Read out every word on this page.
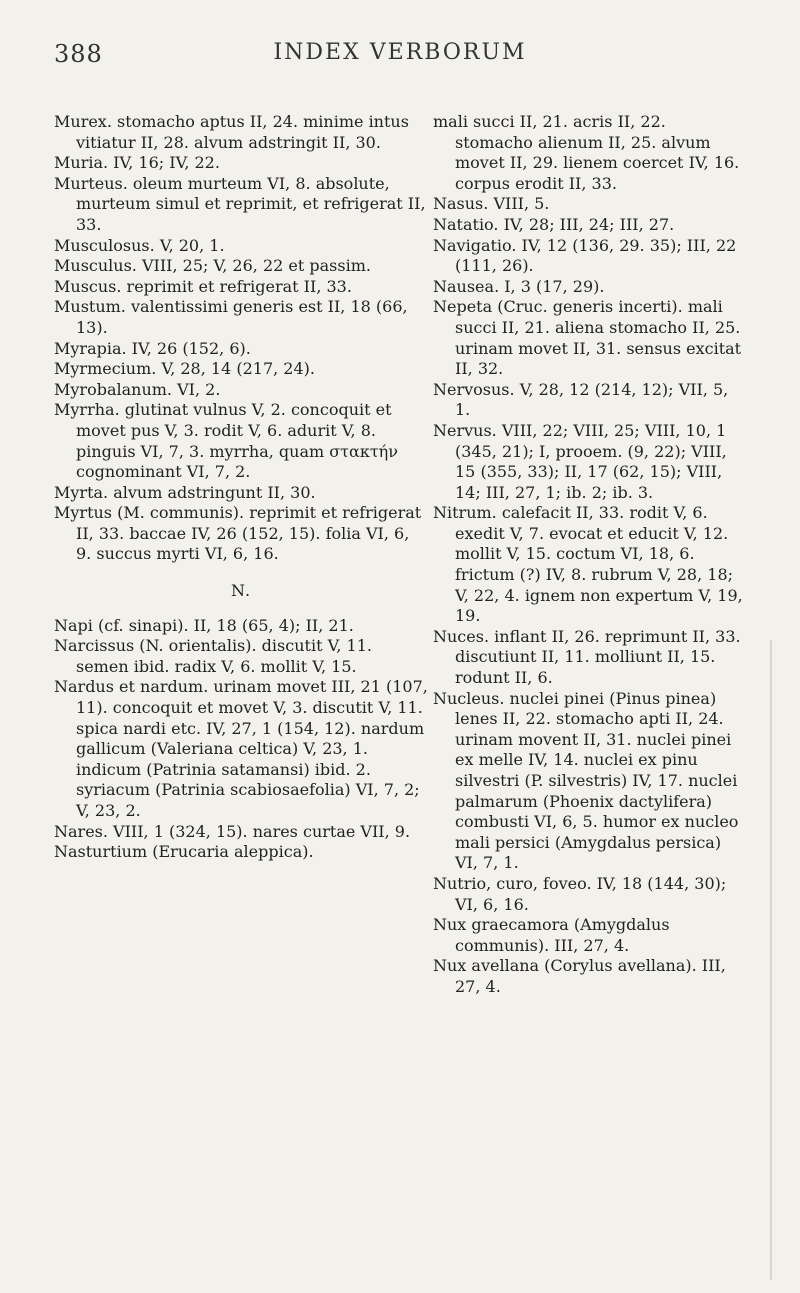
388	INDEX VERBORUM

Murex. stomacho aptus II, 24. minime intus vitiatur II, 28. alvum adstringit II, 30.

Muria. IV, 16; IV, 22.

Murteus. oleum murteum VI, 8. absolute, murteum simul et reprimit, et refrigerat II, 33.

Musculosus. V, 20, 1.

Musculus. VIII, 25; V, 26, 22 et passim.

Muscus. reprimit et refrigerat II, 33.

Mustum. valentissimi generis est II, 18 (66, 13).

Myrapia. IV, 26 (152, 6).

Myrmecium. V, 28, 14 (217, 24).

Myrobalanum. VI, 2.

Myrrha. glutinat vulnus V, 2. concoquit et movet pus V, 3. rodit V, 6. adurit V, 8. pinguis VI, 7, 3. myrrha, quam στακτήν cognominant VI, 7, 2.

Myrta. alvum adstringunt II, 30.

Myrtus (M. communis). reprimit et refrigerat II, 33. baccae IV, 26 (152, 15). folia VI, 6, 9. succus myrti VI, 6, 16.

N.

Napi (cf. sinapi). II, 18 (65, 4); II, 21.

Narcissus (N. orientalis). discutit V, 11. semen ibid. radix V, 6. mollit V, 15.

Nardus et nardum. urinam movet III, 21 (107, 11). concoquit et movet V, 3. discutit V, 11. spica nardi etc. IV, 27, 1 (154, 12). nardum gallicum (Valeriana celtica) V, 23, 1. indicum (Patrinia satamansi) ibid. 2. syriacum (Patrinia scabiosaefolia) VI, 7, 2; V, 23, 2.

Nares. VIII, 1 (324, 15). nares curtae VII, 9.

Nasturtium (Erucaria aleppica).

mali succi II, 21. acris II, 22. stomacho alienum II, 25. alvum movet II, 29. lienem coercet IV, 16. corpus erodit II, 33.

Nasus. VIII, 5.

Natatio. IV, 28; III, 24; III, 27.

Navigatio. IV, 12 (136, 29. 35); III, 22 (111, 26).

Nausea. I, 3 (17, 29).

Nepeta (Cruc. generis incerti). mali succi II, 21. aliena stomacho II, 25. urinam movet II, 31. sensus excitat II, 32.

Nervosus. V, 28, 12 (214, 12); VII, 5, 1.

Nervus. VIII, 22; VIII, 25; VIII, 10, 1 (345, 21); I, prooem. (9, 22); VIII, 15 (355, 33); II, 17 (62, 15); VIII, 14; III, 27, 1; ib. 2; ib. 3.

Nitrum. calefacit II, 33. rodit V, 6. exedit V, 7. evocat et educit V, 12. mollit V, 15. coctum VI, 18, 6. frictum (?) IV, 8. rubrum V, 28, 18; V, 22, 4. ignem non expertum V, 19, 19.

Nuces. inflant II, 26. reprimunt II, 33. discutiunt II, 11. molliunt II, 15. rodunt II, 6.

Nucleus. nuclei pinei (Pinus pinea) lenes II, 22. stomacho apti II, 24. urinam movent II, 31. nuclei pinei ex melle IV, 14. nuclei ex pinu silvestri (P. silvestris) IV, 17. nuclei palmarum (Phoenix dactylifera) combusti VI, 6, 5. humor ex nucleo mali persici (Amygdalus persica) VI, 7, 1.

Nutrio, curo, foveo. IV, 18 (144, 30); VI, 6, 16.

Nux graecamora (Amygdalus communis). III, 27, 4.

Nux avellana (Corylus avellana). III, 27, 4.
